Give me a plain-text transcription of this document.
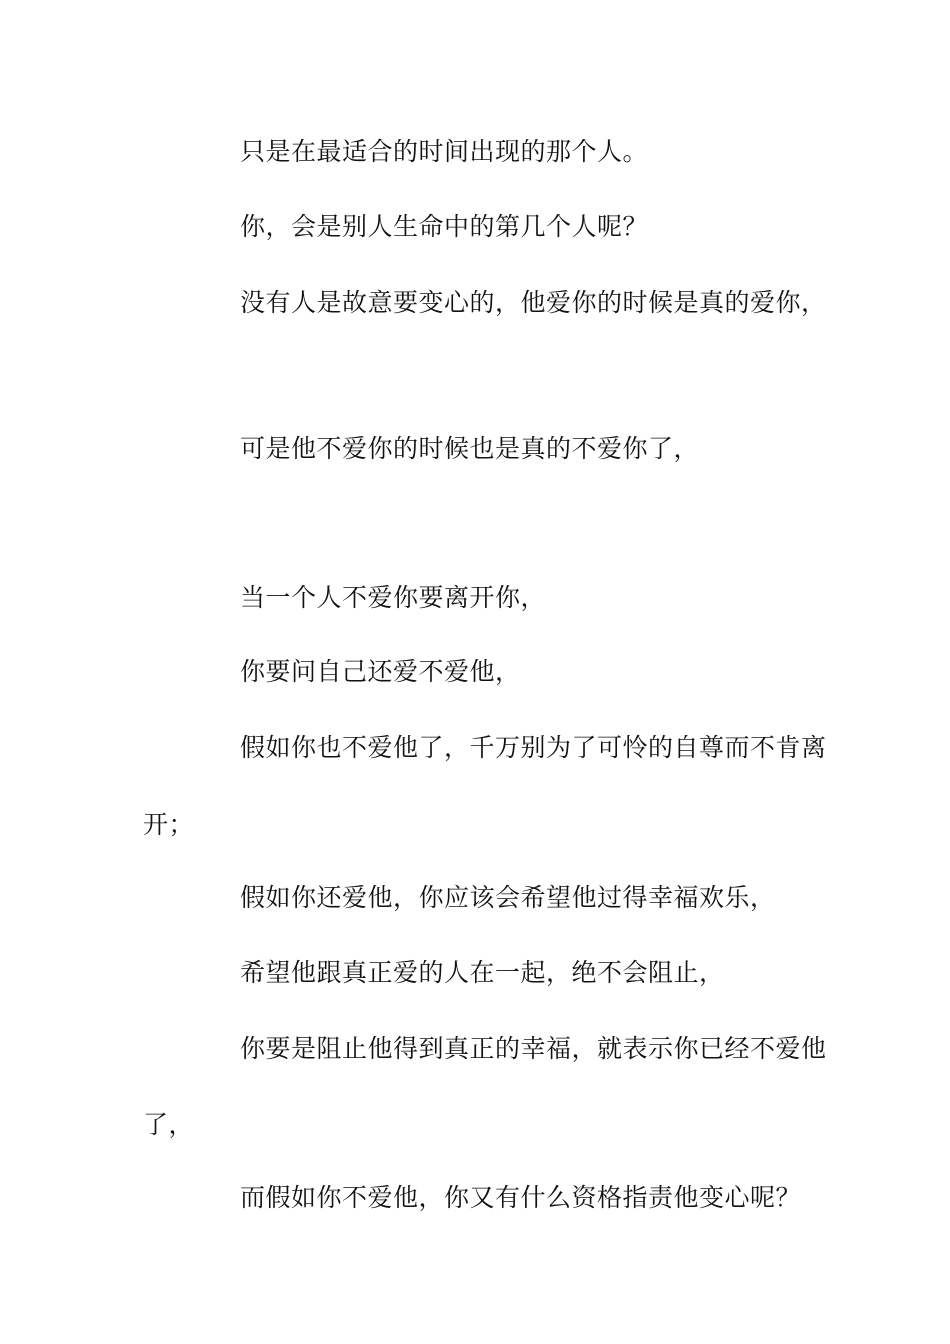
只是在最适合的时间出现的那个人。

你，会是别人生命中的第几个人呢？

没有人是故意要变心的，他爱你的时候是真的爱你，

可是他不爱你的时候也是真的不爱你了，

当一个人不爱你要离开你，

你要问自己还爱不爱他，

假如你也不爱他了，千万别为了可怜的自尊而不肯离

开；

假如你还爱他，你应该会希望他过得幸福欢乐，

希望他跟真正爱的人在一起，绝不会阻止，

你要是阻止他得到真正的幸福，就表示你已经不爱他

了，

而假如你不爱他，你又有什么资格指责他变心呢？
